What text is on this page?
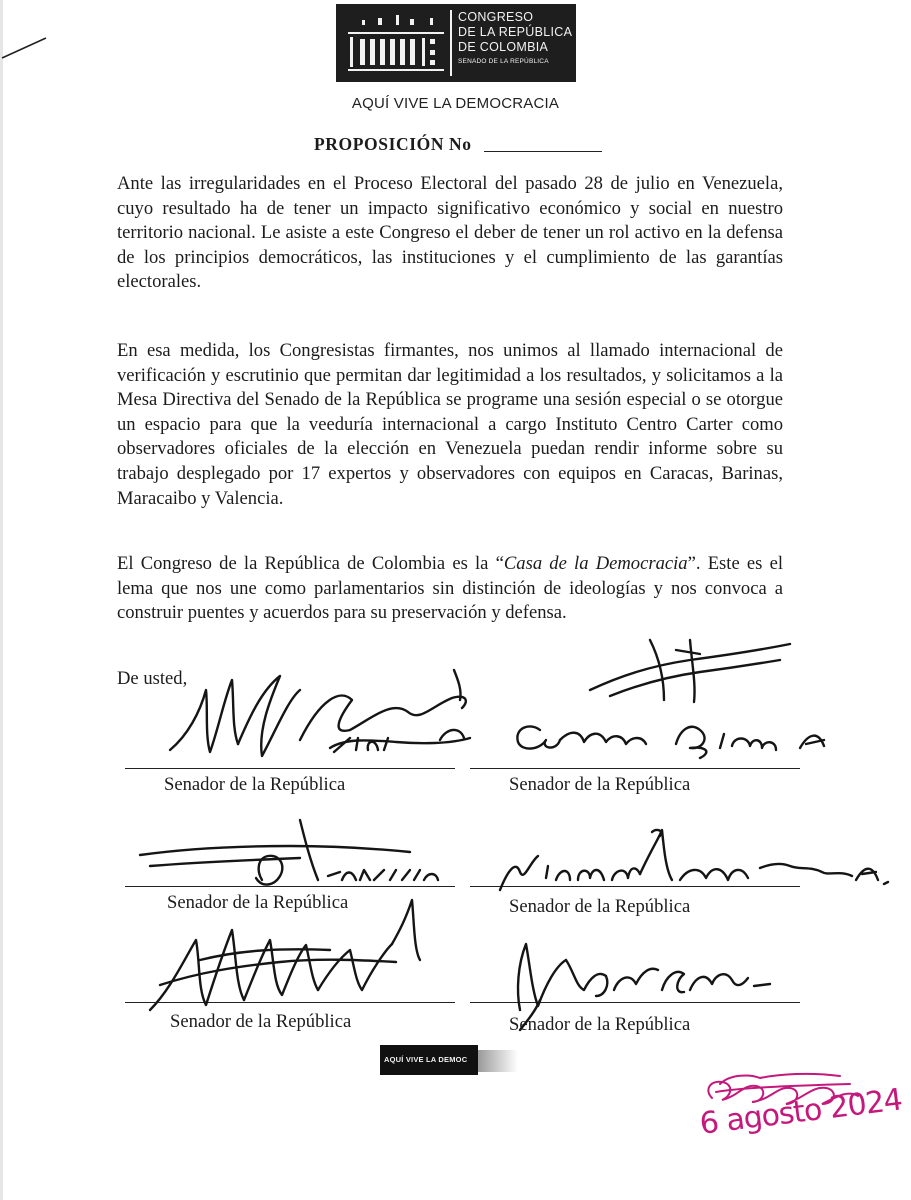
CONGRESO
DE LA REPÚBLICA
DE COLOMBIA
SENADO DE LA REPÚBLICA
AQUÍ VIVE LA DEMOCRACIA
PROPOSICIÓN No

Ante las irregularidades en el Proceso Electoral del pasado 28 de julio en Venezuela, cuyo resultado ha de tener un impacto significativo económico y social en nuestro territorio nacional. Le asiste a este Congreso el deber de tener un rol activo en la defensa de los principios democráticos, las instituciones y el cumplimiento de las garantías electorales.

En esa medida, los Congresistas firmantes, nos unimos al llamado internacional de verificación y escrutinio que permitan dar legitimidad a los resultados, y solicitamos a la Mesa Directiva del Senado de la República se programe una sesión especial o se otorgue un espacio para que la veeduría internacional a cargo Instituto Centro Carter como observadores oficiales de la elección en Venezuela puedan rendir informe sobre su trabajo desplegado por 17 expertos y observadores con equipos en Caracas, Barinas, Maracaibo y Valencia.

El Congreso de la República de Colombia es la “Casa de la Democracia”. Este es el lema que nos une como parlamentarios sin distinción de ideologías y nos convoca a construir puentes y acuerdos para su preservación y defensa.

De usted,
Senador de la República	Senador de la República
Senador de la República	Senador de la República
Senador de la República	Senador de la República
AQUÍ VIVE LA DEMOC
6 agosto 2024
